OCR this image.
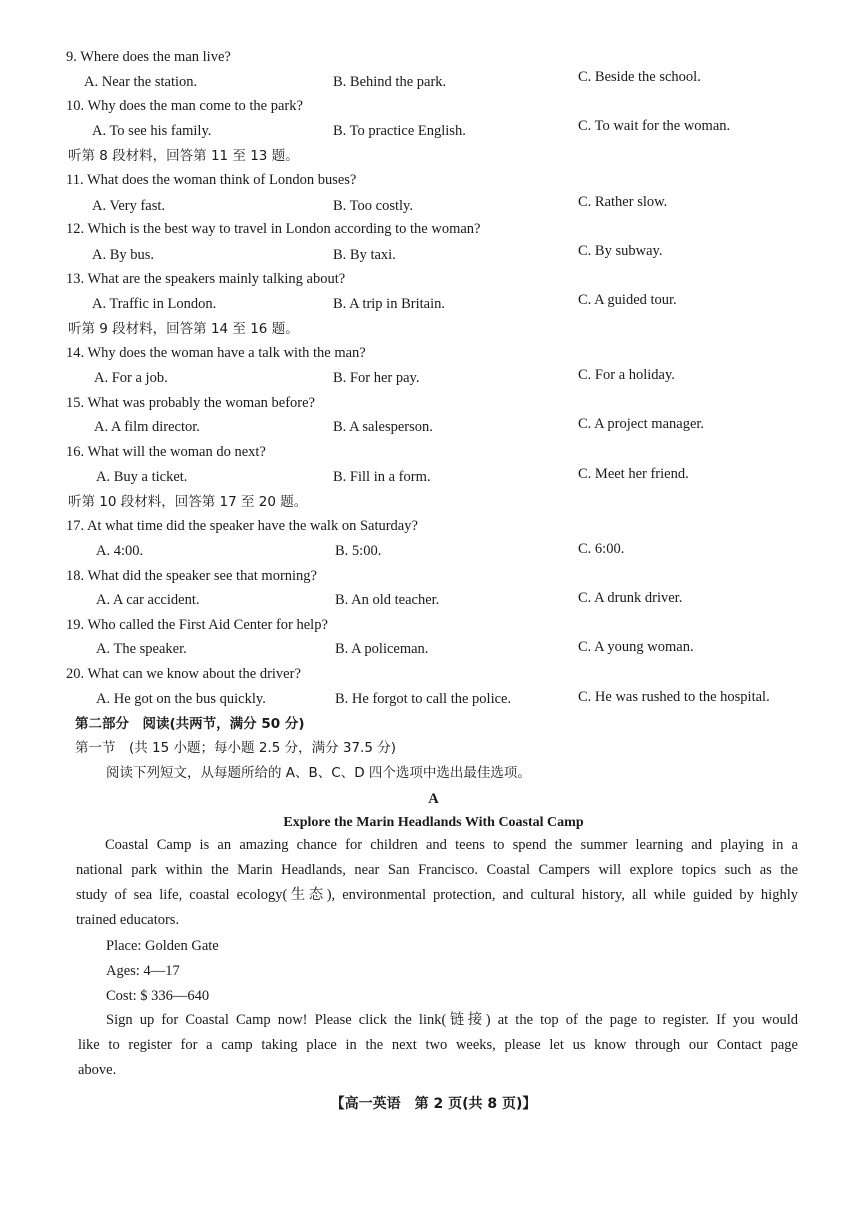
9. Where does the man live?
A. Near the station.	B. Behind the park.	C. Beside the school.
10. Why does the man come to the park?
A. To see his family.	B. To practice English.	C. To wait for the woman.
听第 8 段材料，回答第 11 至 13 题。
11. What does the woman think of London buses?
A. Very fast.	B. Too costly.	C. Rather slow.
12. Which is the best way to travel in London according to the woman?
A. By bus.	B. By taxi.	C. By subway.
13. What are the speakers mainly talking about?
A. Traffic in London.	B. A trip in Britain.	C. A guided tour.
听第 9 段材料，回答第 14 至 16 题。
14. Why does the woman have a talk with the man?
A. For a job.	B. For her pay.	C. For a holiday.
15. What was probably the woman before?
A. A film director.	B. A salesperson.	C. A project manager.
16. What will the woman do next?
A. Buy a ticket.	B. Fill in a form.	C. Meet her friend.
听第 10 段材料，回答第 17 至 20 题。
17. At what time did the speaker have the walk on Saturday?
A. 4:00.	B. 5:00.	C. 6:00.
18. What did the speaker see that morning?
A. A car accident.	B. An old teacher.	C. A drunk driver.
19. Who called the First Aid Center for help?
A. The speaker.	B. A policeman.	C. A young woman.
20. What can we know about the driver?
A. He got on the bus quickly.	B. He forgot to call the police.	C. He was rushed to the hospital.
第二部分　阅读(共两节，满分 50 分)
第一节　(共 15 小题；每小题 2.5 分，满分 37.5 分)
阅读下列短文，从每题所给的 A、B、C、D 四个选项中选出最佳选项。
A
Explore the Marin Headlands With Coastal Camp
Coastal Camp is an amazing chance for children and teens to spend the summer learning and playing in a
national park within the Marin Headlands, near San Francisco. Coastal Campers will explore topics such as the
study of sea life, coastal ecology(生态), environmental protection, and cultural history, all while guided by highly
trained educators.
Place: Golden Gate
Ages: 4—17
Cost: $ 336—640
Sign up for Coastal Camp now! Please click the link(链接) at the top of the page to register. If you would
like to register for a camp taking place in the next two weeks, please let us know through our Contact page
above.
【高一英语　第 2 页(共 8 页)】
